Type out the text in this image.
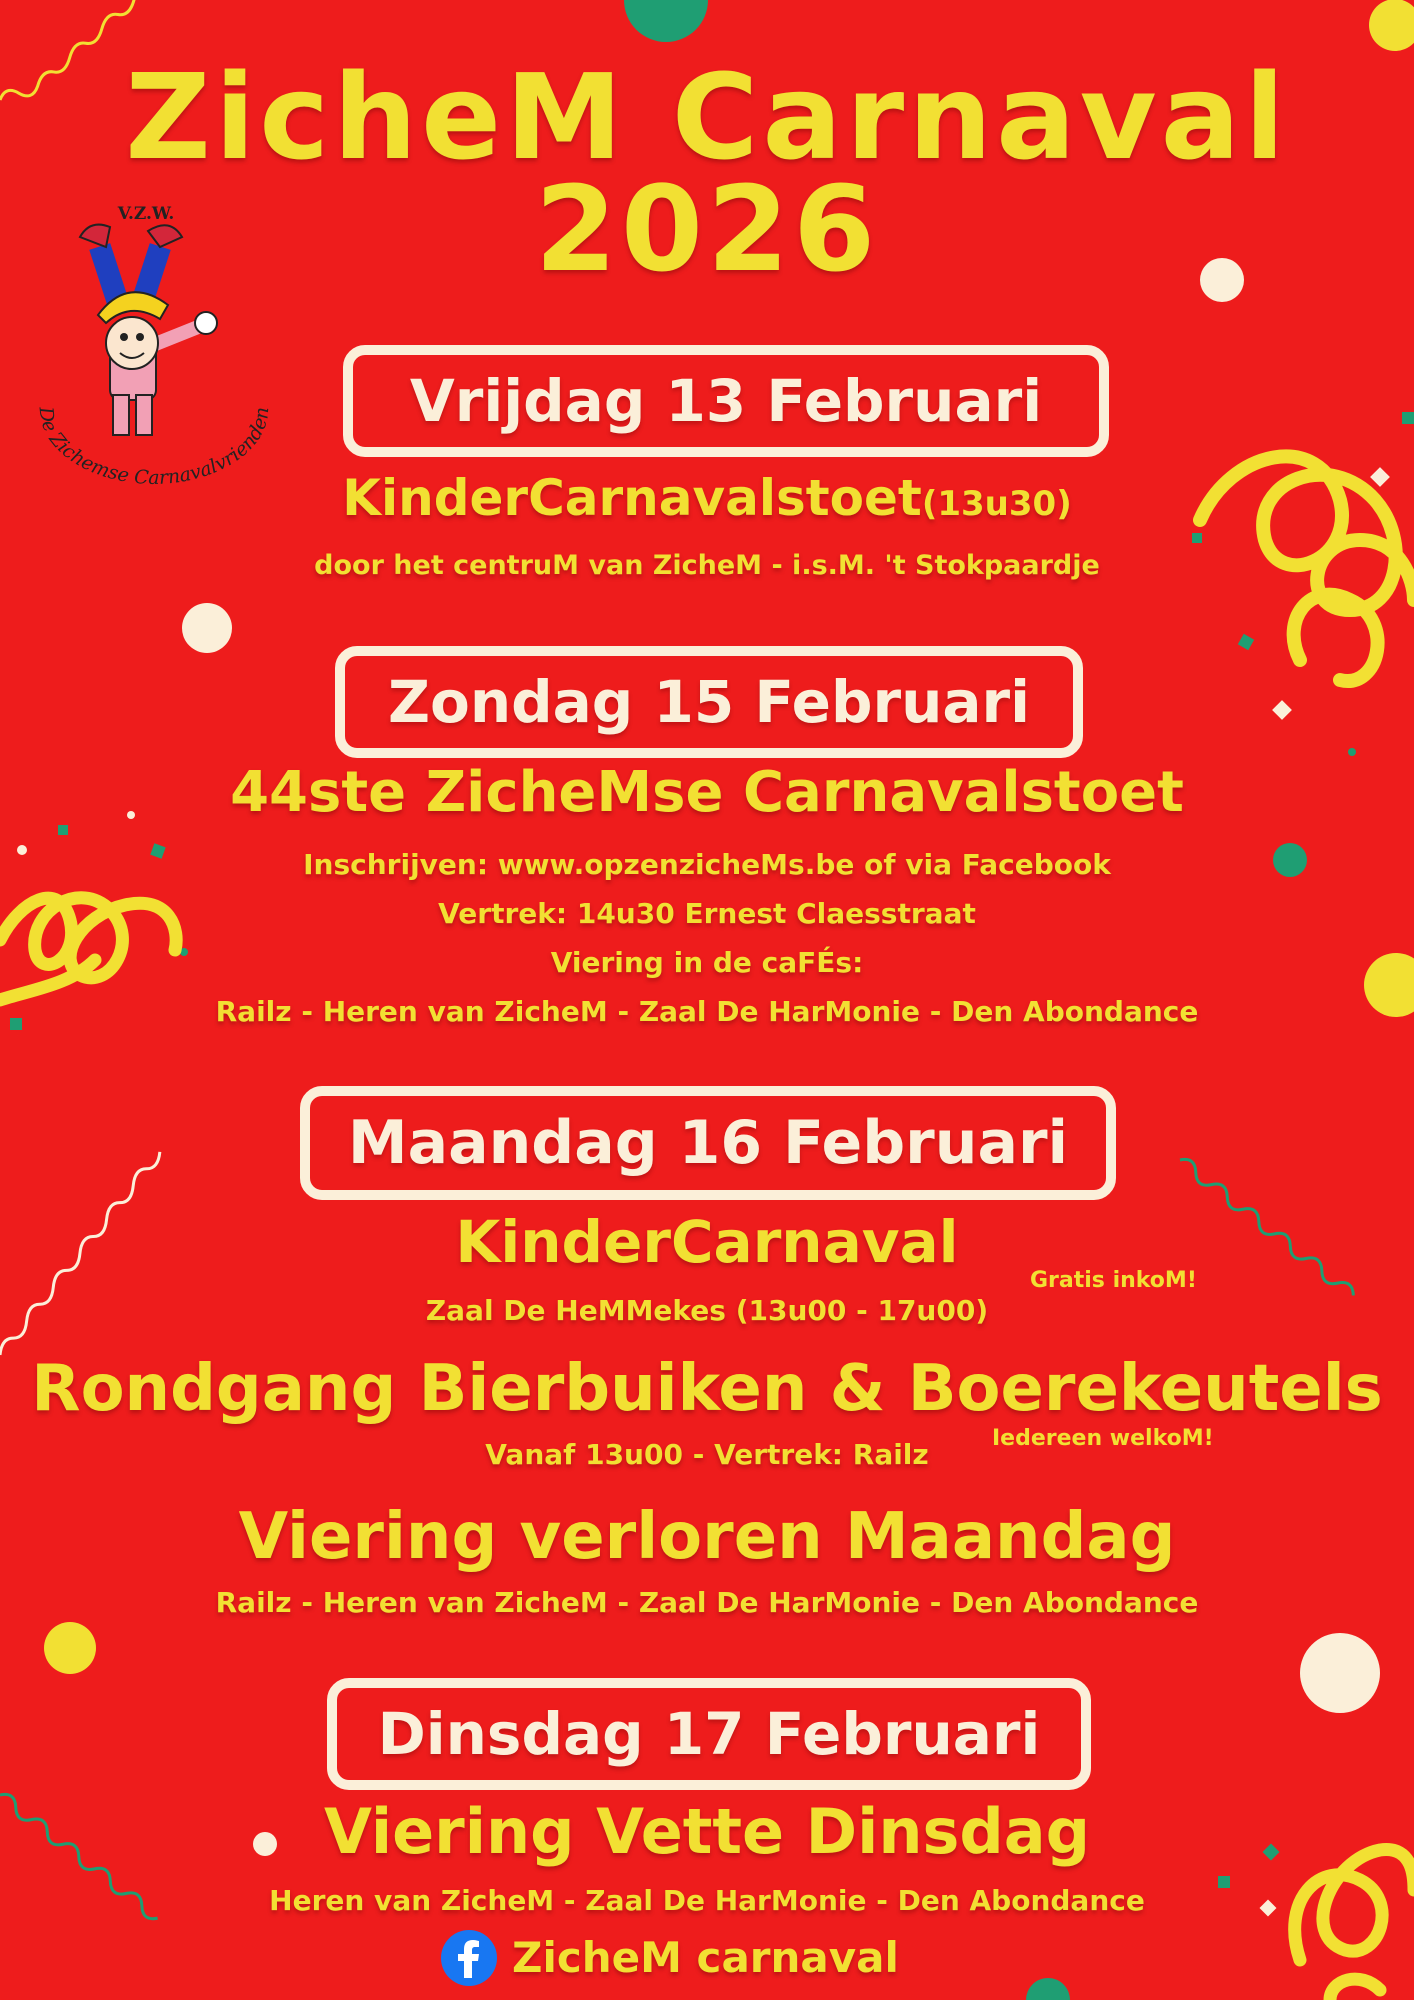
V.Z.W.
De Zichemse Carnavalvrienden
ZicheM Carnaval
2026
Vrijdag 13 Februari
KinderCarnavalstoet(13u30)
door het centruM van ZicheM - i.s.M. 't Stokpaardje
Zondag 15 Februari
44ste ZicheMse Carnavalstoet
Inschrijven: www.opzenzicheMs.be of via Facebook
Vertrek: 14u30 Ernest Claesstraat
Viering in de caFÉs:
Railz - Heren van ZicheM - Zaal De HarMonie - Den Abondance
Maandag 16 Februari
KinderCarnaval
Gratis inkoM!
Zaal De HeMMekes (13u00 - 17u00)
Rondgang Bierbuiken & Boerekeutels
Vanaf 13u00 - Vertrek: Railz	Iedereen welkoM!
Viering verloren Maandag
Railz - Heren van ZicheM - Zaal De HarMonie - Den Abondance
Dinsdag 17 Februari
Viering Vette Dinsdag
Heren van ZicheM - Zaal De HarMonie - Den Abondance
ZicheM carnaval
